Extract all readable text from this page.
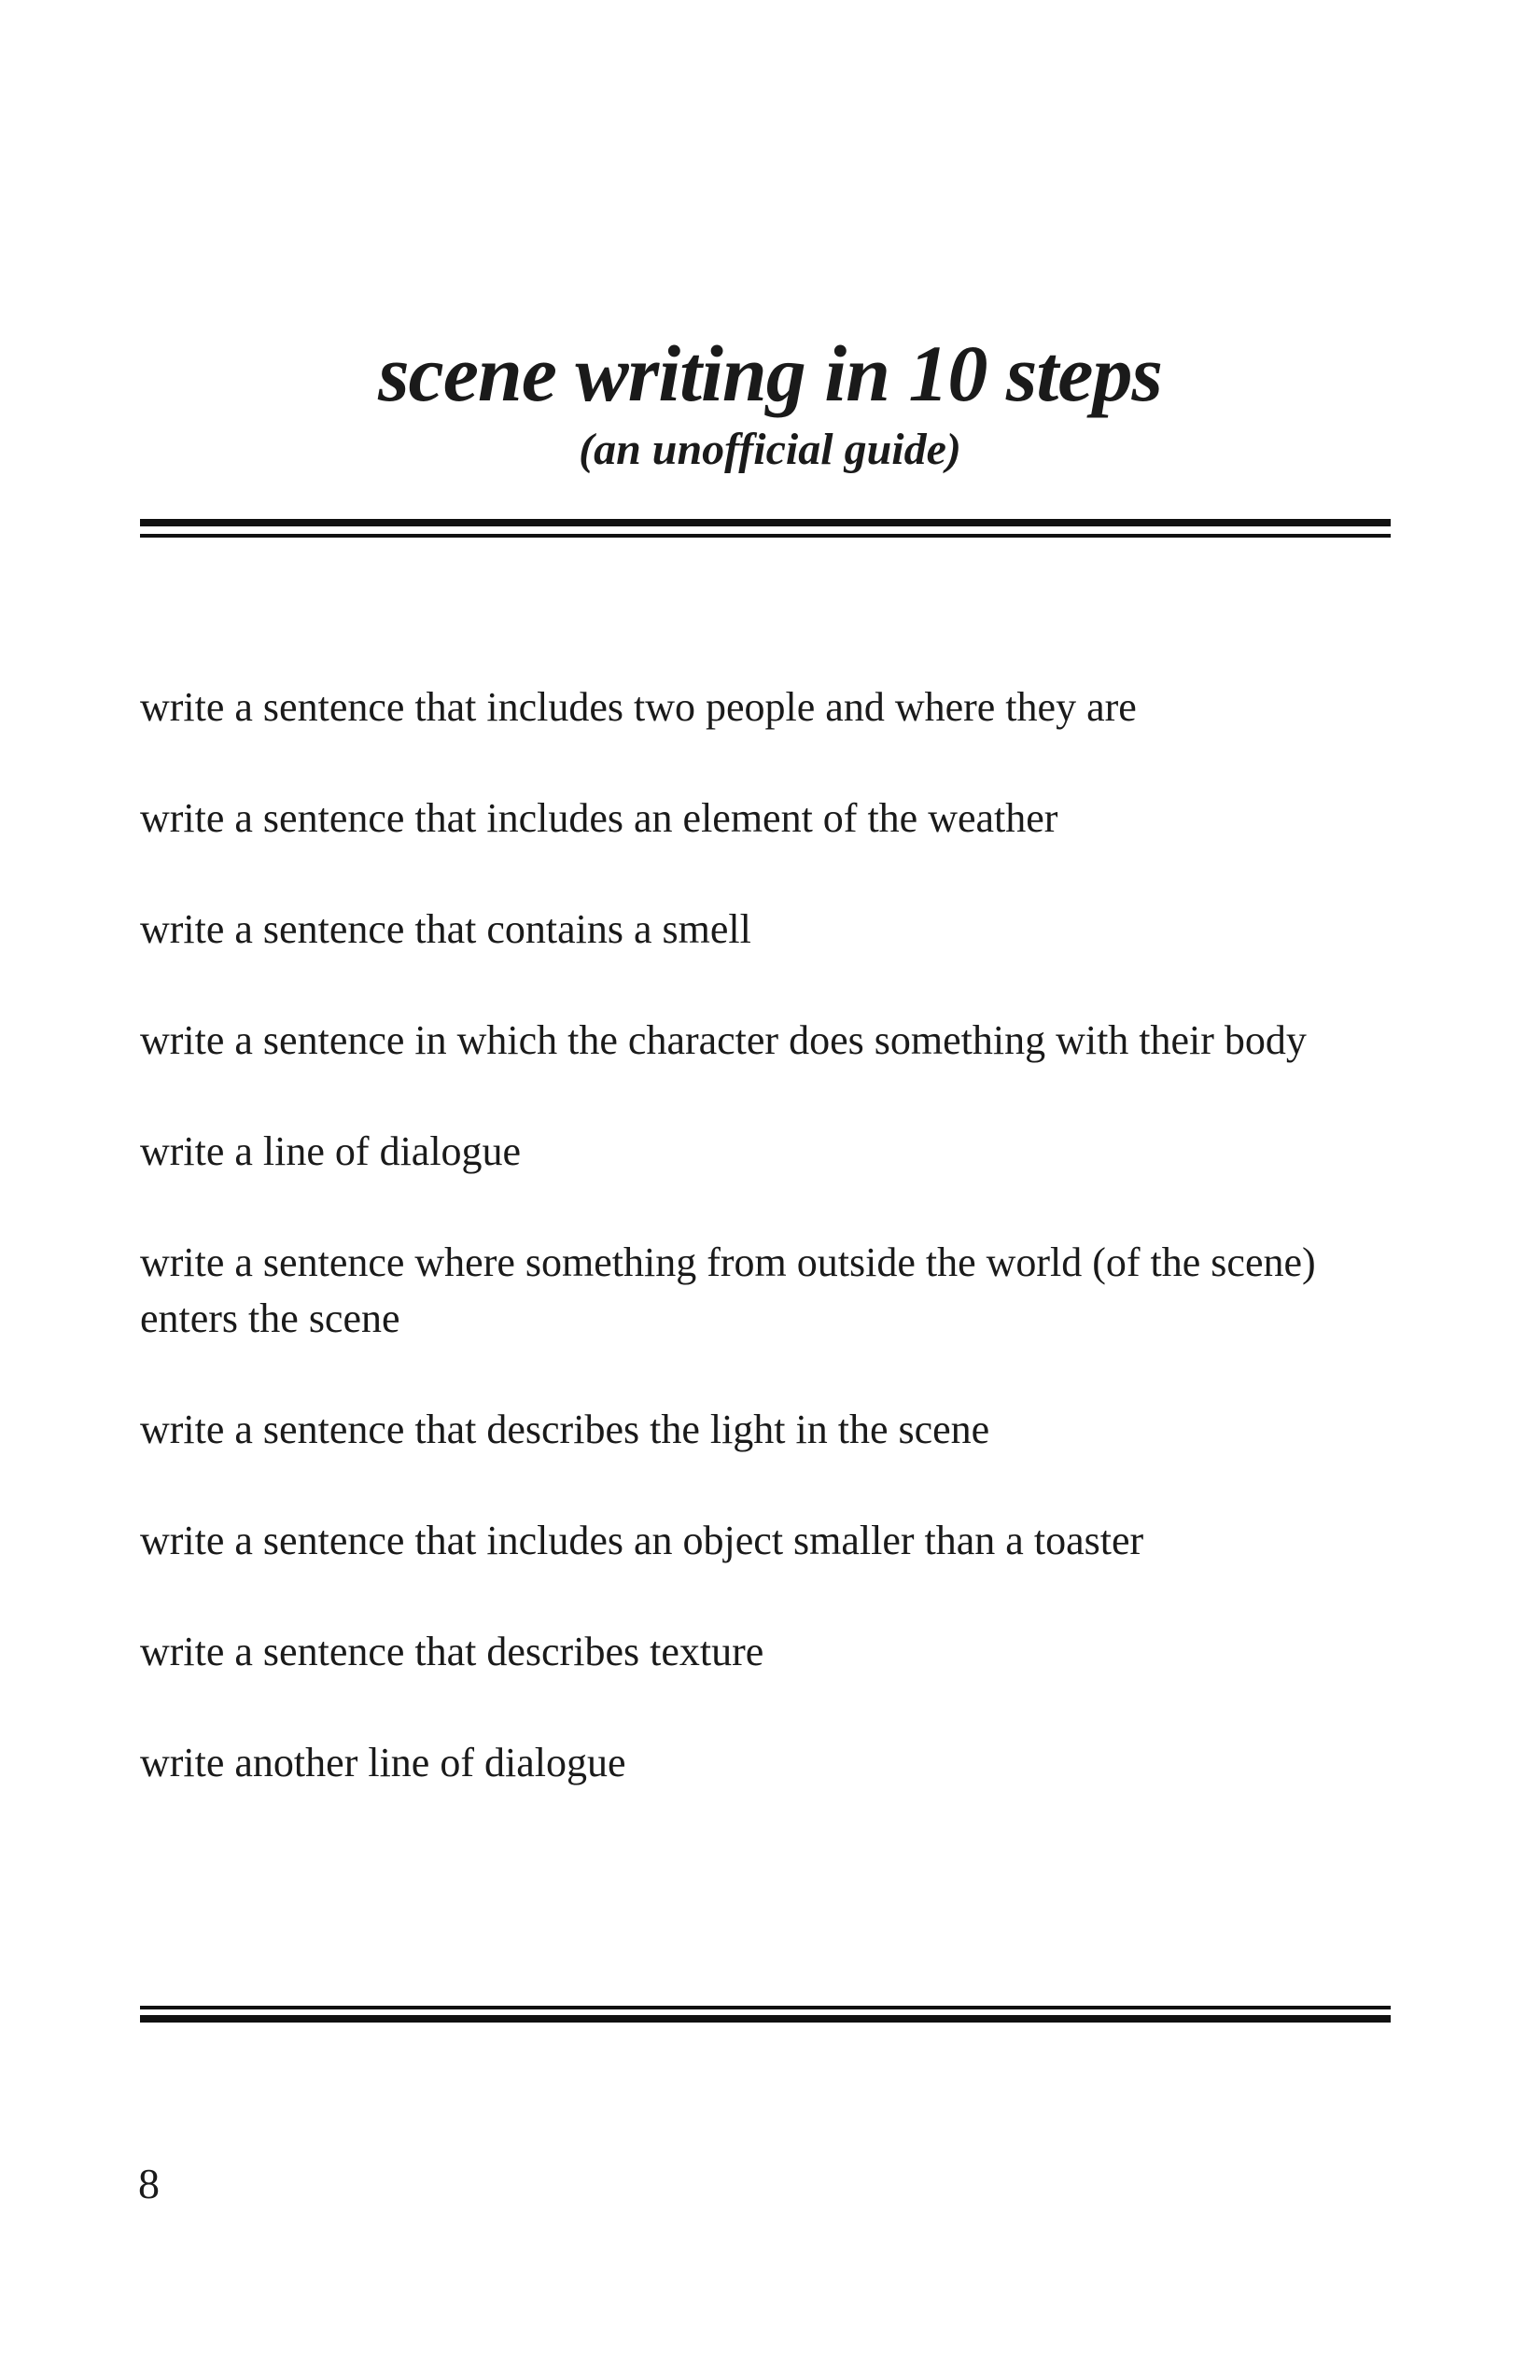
scene writing in 10 steps
(an unofficial guide)
write a sentence that includes two people and where they are
write a sentence that includes an element of the weather
write a sentence that contains a smell
write a sentence in which the character does something with their body
write a line of dialogue
write a sentence where something from outside the world (of the scene) enters the scene
write a sentence that describes the light in the scene
write a sentence that includes an object smaller than a toaster
write a sentence that describes texture
write another line of dialogue
8
